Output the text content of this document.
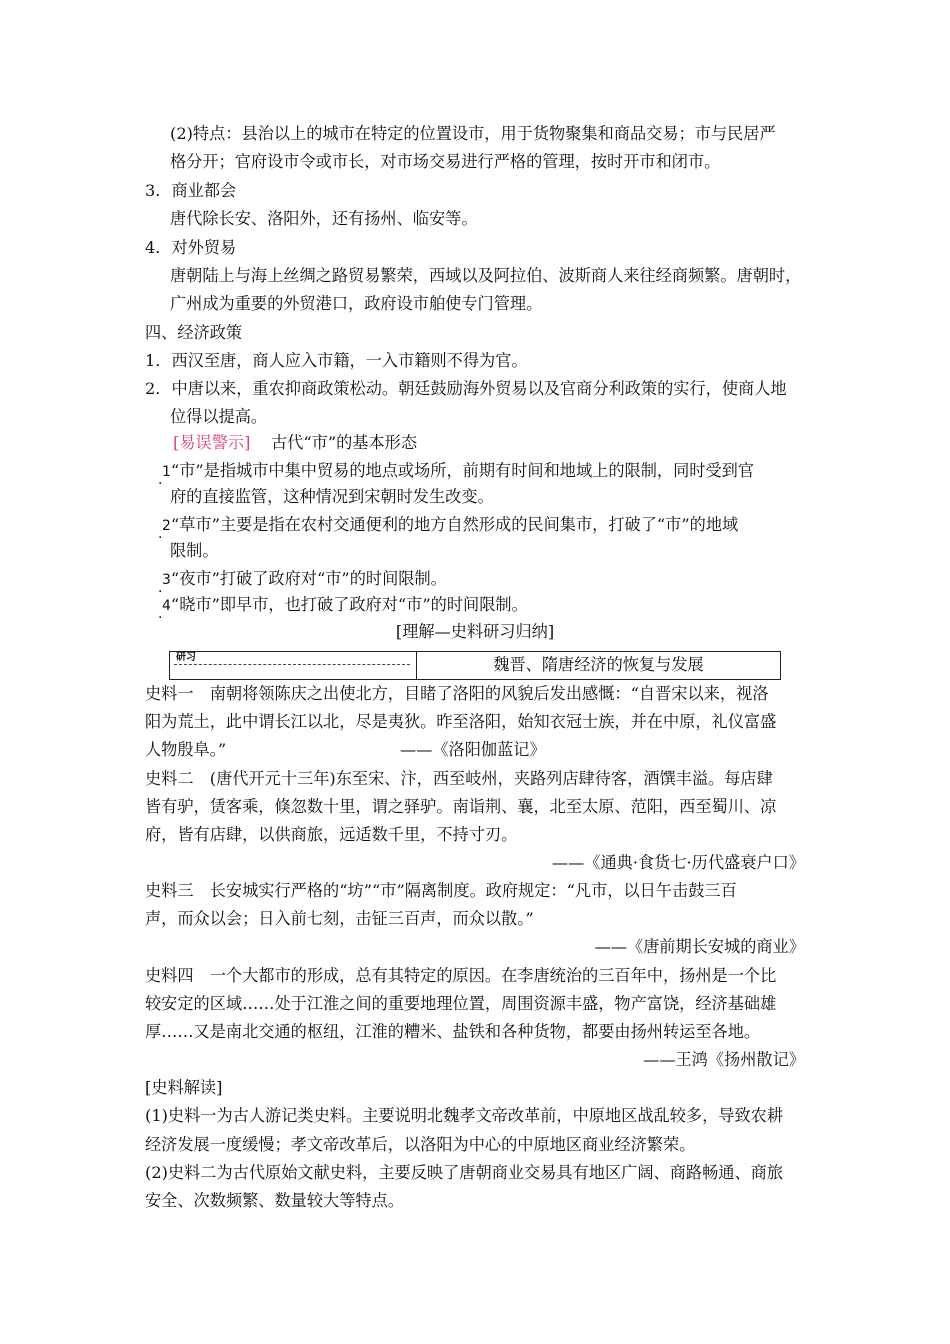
(2)特点：县治以上的城市在特定的位置设市，用于货物聚集和商品交易；市与民居严
格分开；官府设市令或市长，对市场交易进行严格的管理，按时开市和闭市。
3．商业都会
唐代除长安、洛阳外，还有扬州、临安等。
4．对外贸易
唐朝陆上与海上丝绸之路贸易繁荣，西域以及阿拉伯、波斯商人来往经商频繁。唐朝时，
广州成为重要的外贸港口，政府设市舶使专门管理。
四、经济政策
1．西汉至唐，商人应入市籍，一入市籍则不得为官。
2．中唐以来，重农抑商政策松动。朝廷鼓励海外贸易以及官商分利政策的实行，使商人地
位得以提高。
[易误警示] 古代“市”的基本形态
1“市”是指城市中集中贸易的地点或场所，前期有时间和地域上的限制，同时受到官
.
府的直接监管，这种情况到宋朝时发生改变。
2“草市”主要是指在农村交通便利的地方自然形成的民间集市，打破了“市”的地域
.
限制。
3“夜市”打破了政府对“市”的时间限制。
.
4“晓市”即早市，也打破了政府对“市”的时间限制。
.
[理解—史料研习归纳]
研习	魏晋、隋唐经济的恢复与发展
史料一　南朝将领陈庆之出使北方，目睹了洛阳的风貌后发出感慨：“自晋宋以来，视洛
阳为荒土，此中谓长江以北，尽是夷狄。昨至洛阳，始知衣冠士族，并在中原，礼仪富盛
人物殷阜。”	——《洛阳伽蓝记》
史料二　(唐代开元十三年)东至宋、汴，西至岐州，夹路列店肆待客，酒馔丰溢。每店肆
皆有驴，赁客乘，倏忽数十里，谓之驿驴。南诣荆、襄，北至太原、范阳，西至蜀川、凉
府，皆有店肆，以供商旅，远适数千里，不持寸刃。
——《通典·食货七·历代盛衰户口》
史料三　长安城实行严格的“坊”“市”隔离制度。政府规定：“凡市，以日午击鼓三百
声，而众以会；日入前七刻，击钲三百声，而众以散。”
——《唐前期长安城的商业》
史料四　一个大都市的形成，总有其特定的原因。在李唐统治的三百年中，扬州是一个比
较安定的区域……处于江淮之间的重要地理位置，周围资源丰盛，物产富饶，经济基础雄
厚……又是南北交通的枢纽，江淮的糟米、盐铁和各种货物，都要由扬州转运至各地。
——王鸿《扬州散记》
[史料解读]
(1)史料一为古人游记类史料。主要说明北魏孝文帝改革前，中原地区战乱较多，导致农耕
经济发展一度缓慢；孝文帝改革后，以洛阳为中心的中原地区商业经济繁荣。
(2)史料二为古代原始文献史料，主要反映了唐朝商业交易具有地区广阔、商路畅通、商旅
安全、次数频繁、数量较大等特点。
